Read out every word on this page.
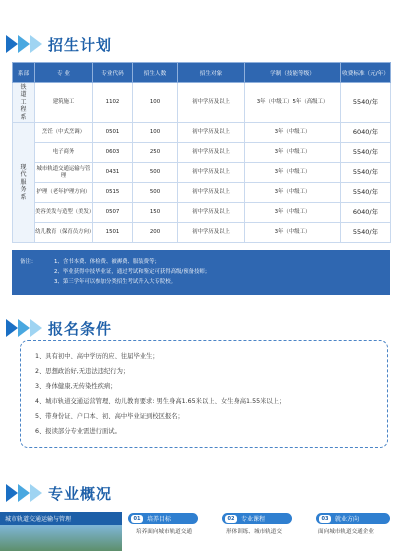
招生计划
系部	专 业	专业代码	招生人数	招生对象	学制（技能等级）	收费标准（元/年）
铁道工程系	建筑施工	1102	100	初中学历及以上	3年（中级工）5年（高级工）	5540/年
现代服务系	烹饪（中式烹调）	0501	100	初中学历及以上	3年（中级工）	6040/年
	电子商务	0603	250	初中学历及以上	3年（中级工）	5540/年
	城市轨道交通运输与管理	0431	500	初中学历及以上	3年（中级工）	5540/年
	护理（老年护理方向）	0515	500	初中学历及以上	3年（中级工）	5540/年
	美容美发与造型（美发）	0507	150	初中学历及以上	3年（中级工）	6040/年
	幼儿教育（保育员方向）	1501	200	初中学历及以上	3年（中级工）	5540/年
备注：	1、含书本费、体检费、被褥费、服装费等；
2、毕业获得中技毕业证，通过考试和鉴定可获得高级/预备技师；
3、第三学年可以参加分类招生考试升入大专院校。
报名条件
1、具有初中、高中学历的应、往届毕业生；
2、思想政治好,无违法违纪行为；
3、身体健康,无传染性疾病；
4、城市轨道交通运营管理、幼儿教育要求: 男生身高1.65米以上、女生身高1.55米以上；
5、带身份证、户口本、初、高中毕业证到校区报名；
6、报读部分专业需进行面试。
专业概况
城市轨道交通运输与管理	01	培养目标	02	专业课程	03	就业方向
培养面向城市轨道交通	形体训练、城市轨道交	面向城市轨道交通企业
